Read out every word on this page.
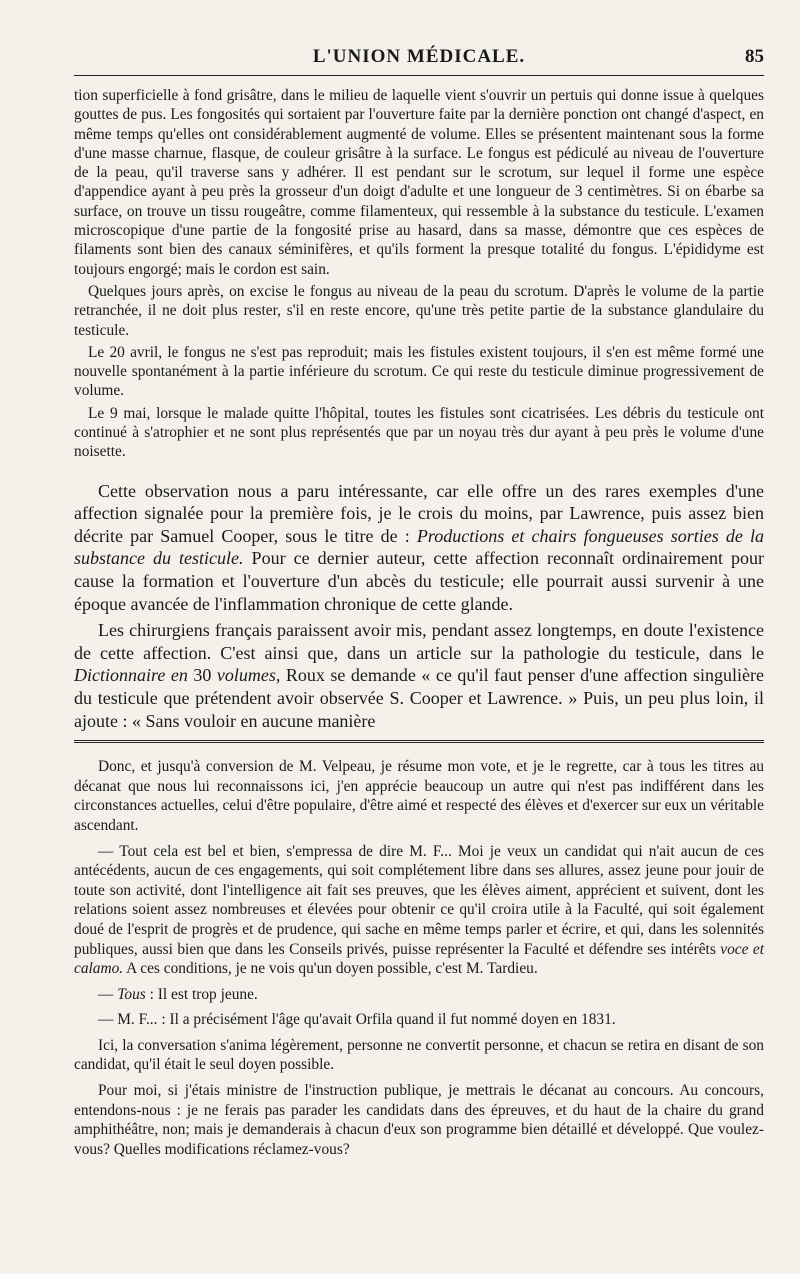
L'UNION MÉDICALE.	85

tion superficielle à fond grisâtre, dans le milieu de laquelle vient s'ouvrir un pertuis qui donne issue à quelques gouttes de pus. Les fongosités qui sortaient par l'ouverture faite par la dernière ponction ont changé d'aspect, en même temps qu'elles ont considérablement augmenté de volume. Elles se présentent maintenant sous la forme d'une masse charnue, flasque, de couleur grisâtre à la surface. Le fongus est pédiculé au niveau de l'ouverture de la peau, qu'il traverse sans y adhérer. Il est pendant sur le scrotum, sur lequel il forme une espèce d'appendice ayant à peu près la grosseur d'un doigt d'adulte et une longueur de 3 centimètres. Si on ébarbe sa surface, on trouve un tissu rougeâtre, comme filamenteux, qui ressemble à la substance du testicule. L'examen microscopique d'une partie de la fongosité prise au hasard, dans sa masse, démontre que ces espèces de filaments sont bien des canaux séminifères, et qu'ils forment la presque totalité du fongus. L'épididyme est toujours engorgé; mais le cordon est sain.

Quelques jours après, on excise le fongus au niveau de la peau du scrotum. D'après le volume de la partie retranchée, il ne doit plus rester, s'il en reste encore, qu'une très petite partie de la substance glandulaire du testicule.

Le 20 avril, le fongus ne s'est pas reproduit; mais les fistules existent toujours, il s'en est même formé une nouvelle spontanément à la partie inférieure du scrotum. Ce qui reste du testicule diminue progressivement de volume.

Le 9 mai, lorsque le malade quitte l'hôpital, toutes les fistules sont cicatrisées. Les débris du testicule ont continué à s'atrophier et ne sont plus représentés que par un noyau très dur ayant à peu près le volume d'une noisette.

Cette observation nous a paru intéressante, car elle offre un des rares exemples d'une affection signalée pour la première fois, je le crois du moins, par Lawrence, puis assez bien décrite par Samuel Cooper, sous le titre de : Productions et chairs fongueuses sorties de la substance du testicule. Pour ce dernier auteur, cette affection reconnaît ordinairement pour cause la formation et l'ouverture d'un abcès du testicule; elle pourrait aussi survenir à une époque avancée de l'inflammation chronique de cette glande.

Les chirurgiens français paraissent avoir mis, pendant assez longtemps, en doute l'existence de cette affection. C'est ainsi que, dans un article sur la pathologie du testicule, dans le Dictionnaire en 30 volumes, Roux se demande « ce qu'il faut penser d'une affection singulière du testicule que prétendent avoir observée S. Cooper et Lawrence. » Puis, un peu plus loin, il ajoute : « Sans vouloir en aucune manière

Donc, et jusqu'à conversion de M. Velpeau, je résume mon vote, et je le regrette, car à tous les titres au décanat que nous lui reconnaissons ici, j'en apprécie beaucoup un autre qui n'est pas indifférent dans les circonstances actuelles, celui d'être populaire, d'être aimé et respecté des élèves et d'exercer sur eux un véritable ascendant.

— Tout cela est bel et bien, s'empressa de dire M. F... Moi je veux un candidat qui n'ait aucun de ces antécédents, aucun de ces engagements, qui soit complétement libre dans ses allures, assez jeune pour jouir de toute son activité, dont l'intelligence ait fait ses preuves, que les élèves aiment, apprécient et suivent, dont les relations soient assez nombreuses et élevées pour obtenir ce qu'il croira utile à la Faculté, qui soit également doué de l'esprit de progrès et de prudence, qui sache en même temps parler et écrire, et qui, dans les solennités publiques, aussi bien que dans les Conseils privés, puisse représenter la Faculté et défendre ses intérêts voce et calamo. A ces conditions, je ne vois qu'un doyen possible, c'est M. Tardieu.

— Tous : Il est trop jeune.

— M. F... : Il a précisément l'âge qu'avait Orfila quand il fut nommé doyen en 1831.

Ici, la conversation s'anima légèrement, personne ne convertit personne, et chacun se retira en disant de son candidat, qu'il était le seul doyen possible.

Pour moi, si j'étais ministre de l'instruction publique, je mettrais le décanat au concours. Au concours, entendons-nous : je ne ferais pas parader les candidats dans des épreuves, et du haut de la chaire du grand amphithéâtre, non; mais je demanderais à chacun d'eux son programme bien détaillé et développé. Que voulez-vous? Quelles modifications réclamez-vous?
